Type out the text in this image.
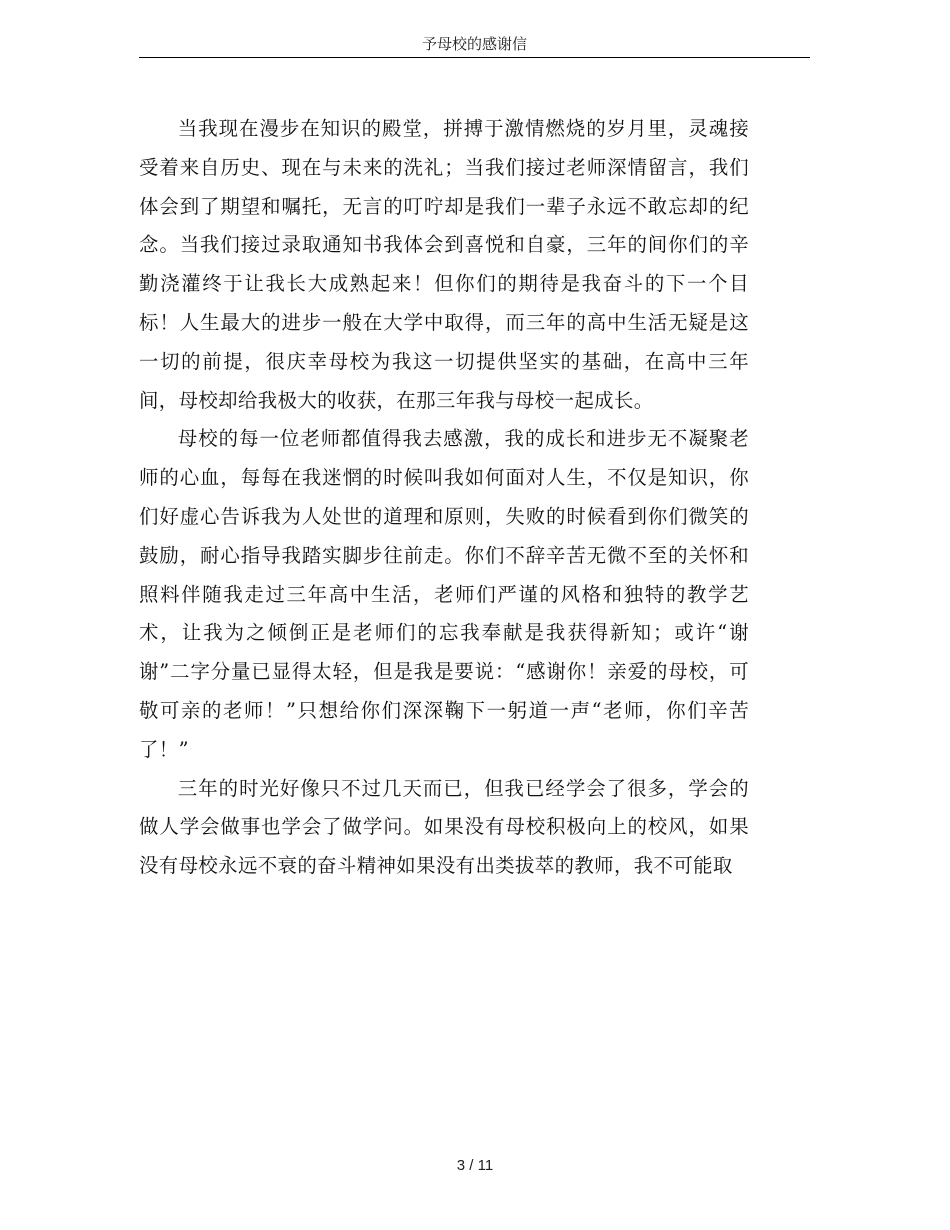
予母校的感谢信

当我现在漫步在知识的殿堂，拼搏于激情燃烧的岁月里，灵魂接受着来自历史、现在与未来的洗礼；当我们接过老师深情留言，我们体会到了期望和嘱托，无言的叮咛却是我们一辈子永远不敢忘却的纪念。当我们接过录取通知书我体会到喜悦和自豪，三年的间你们的辛勤浇灌终于让我长大成熟起来！但你们的期待是我奋斗的下一个目标！人生最大的进步一般在大学中取得，而三年的高中生活无疑是这一切的前提，很庆幸母校为我这一切提供坚实的基础，在高中三年间，母校却给我极大的收获，在那三年我与母校一起成长。

母校的每一位老师都值得我去感激，我的成长和进步无不凝聚老师的心血，每每在我迷惘的时候叫我如何面对人生，不仅是知识，你们好虚心告诉我为人处世的道理和原则，失败的时候看到你们微笑的鼓励，耐心指导我踏实脚步往前走。你们不辞辛苦无微不至的关怀和照料伴随我走过三年高中生活，老师们严谨的风格和独特的教学艺术，让我为之倾倒正是老师们的忘我奉献是我获得新知；或许“谢谢”二字分量已显得太轻，但是我是要说：“感谢你！亲爱的母校，可敬可亲的老师！”只想给你们深深鞠下一躬道一声“老师，你们辛苦了！”

三年的时光好像只不过几天而已，但我已经学会了很多，学会的做人学会做事也学会了做学问。如果没有母校积极向上的校风，如果没有母校永远不衰的奋斗精神如果没有出类拔萃的教师，我不可能取

3 / 11
